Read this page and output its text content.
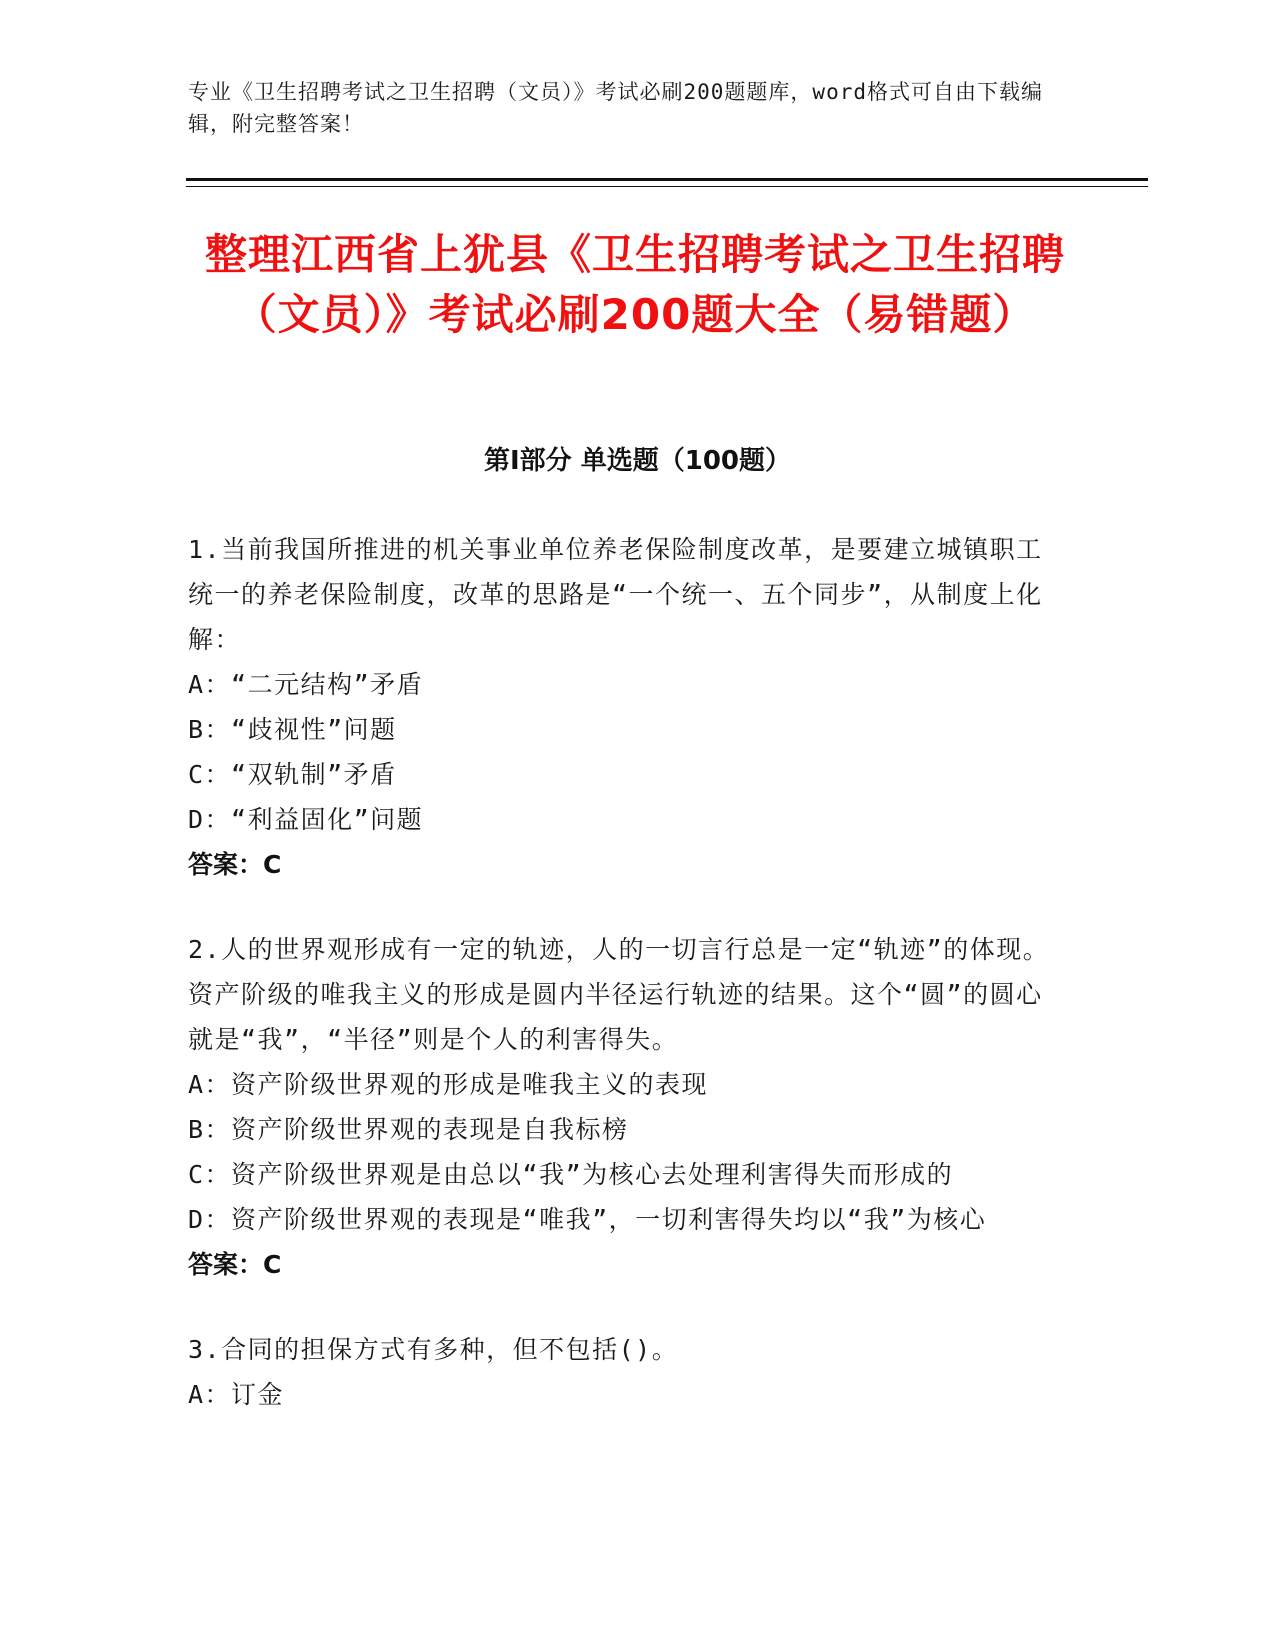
专业《卫生招聘考试之卫生招聘（文员）》考试必刷200题题库，word格式可自由下载编辑，附完整答案！
整理江西省上犹县《卫生招聘考试之卫生招聘（文员）》考试必刷200题大全（易错题）
第Ⅰ部分 单选题（100题）
1.当前我国所推进的机关事业单位养老保险制度改革，是要建立城镇职工统一的养老保险制度，改革的思路是“一个统一、五个同步”，从制度上化解：
A：“二元结构”矛盾
B：“歧视性”问题
C：“双轨制”矛盾
D：“利益固化”问题
答案：C
2.人的世界观形成有一定的轨迹，人的一切言行总是一定“轨迹”的体现。资产阶级的唯我主义的形成是圆内半径运行轨迹的结果。这个“圆”的圆心就是“我”，“半径”则是个人的利害得失。
A：资产阶级世界观的形成是唯我主义的表现
B：资产阶级世界观的表现是自我标榜
C：资产阶级世界观是由总以“我”为核心去处理利害得失而形成的
D：资产阶级世界观的表现是“唯我”，一切利害得失均以“我”为核心
答案：C
3.合同的担保方式有多种，但不包括()。
A：订金
